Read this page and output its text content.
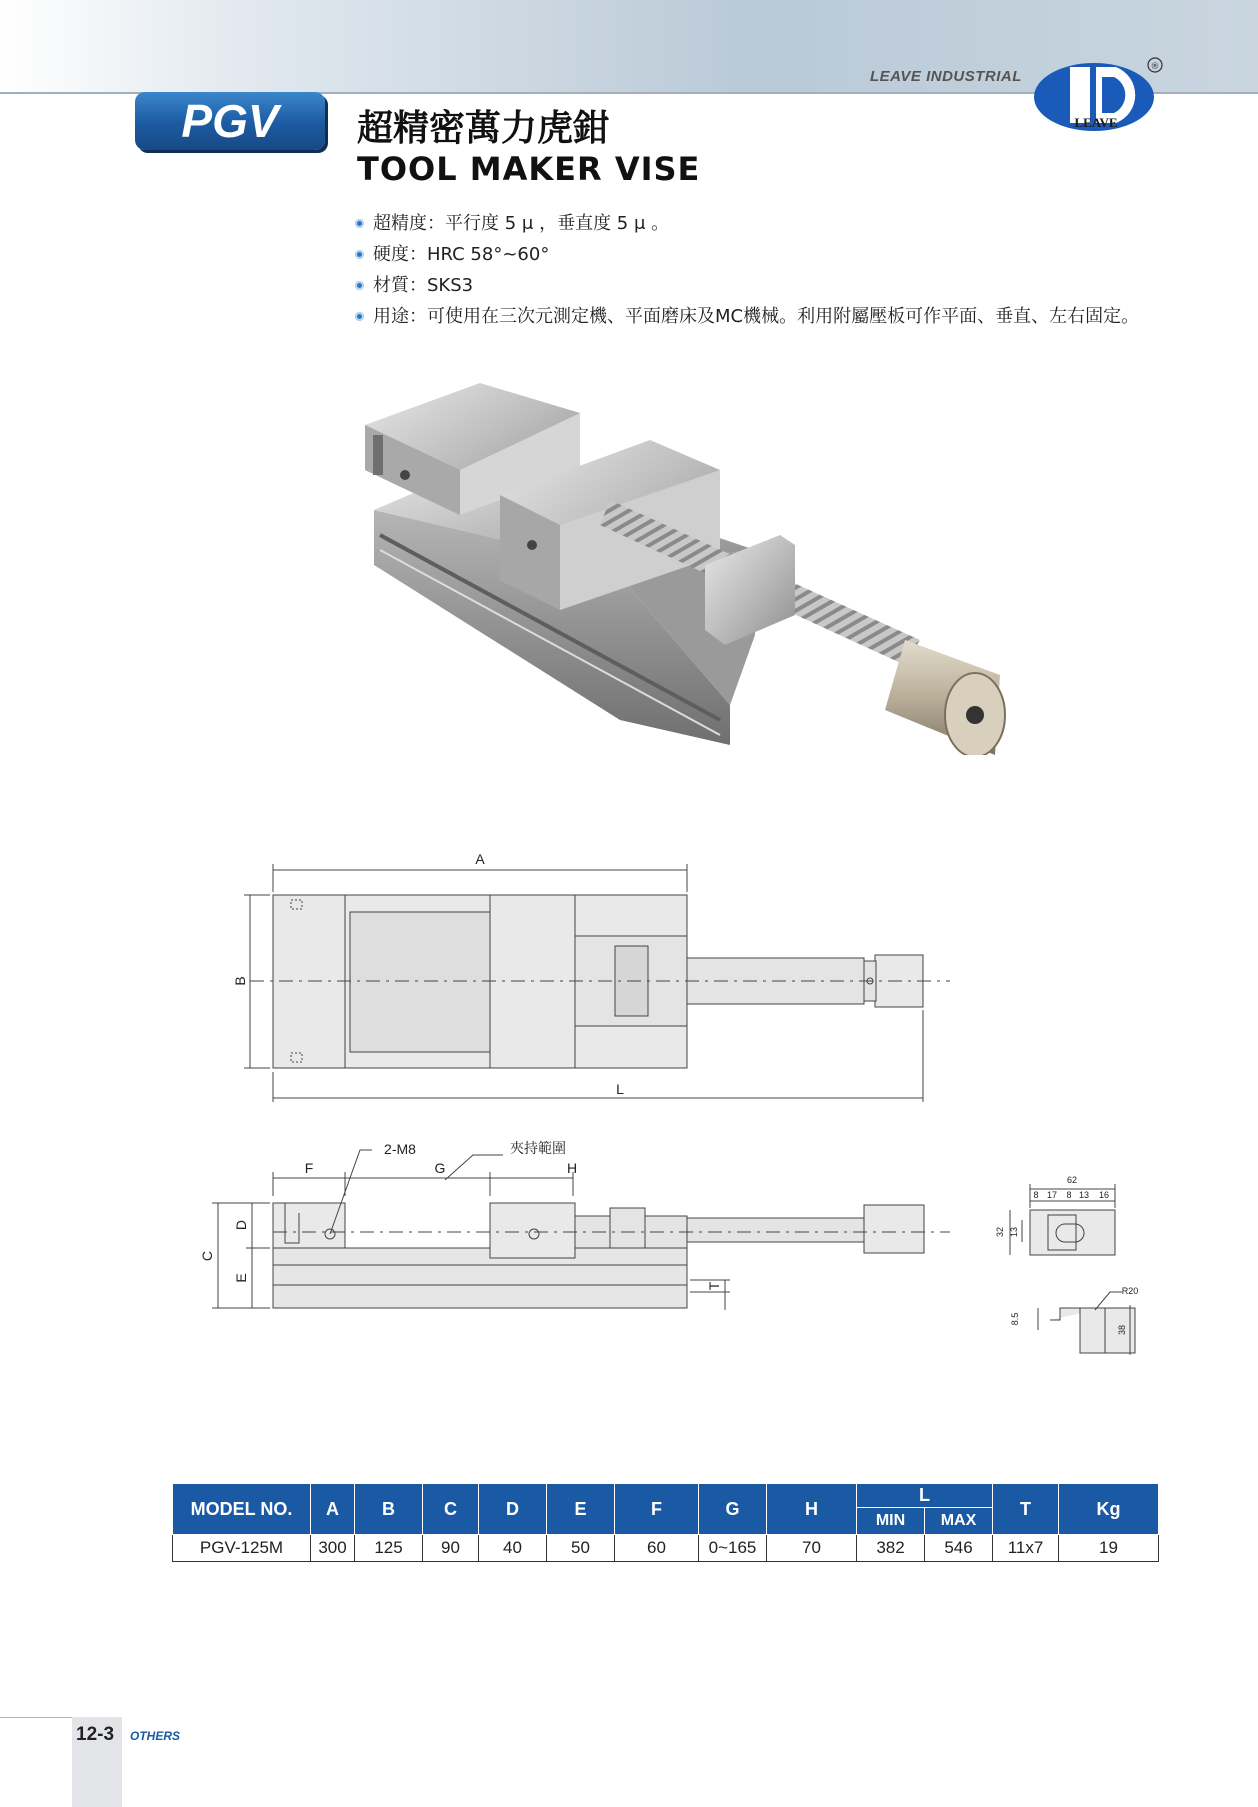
LEAVE INDUSTRIAL
LEAVE
®
PGV	超精密萬力虎鉗
TOOL MAKER VISE
超精度：平行度 5 μ ，垂直度 5 μ 。
硬度：HRC 58°~60°
材質：SKS3
用途：可使用在三次元測定機、平面磨床及MC機械。利用附屬壓板可作平面、垂直、左右固定。
A
B
L
F	G	H
C
D
E
T
2-M8	夾持範圍
62
8 17 8 13 16
32 13
R20
8.5
38
MODEL NO.	A	B	C	D	E	F	G	H	L		T	Kg
									MIN	MAX		
PGV-125M	300	125	90	40	50	60	0~165	70	382	546	11x7	19
12-3 OTHERS
